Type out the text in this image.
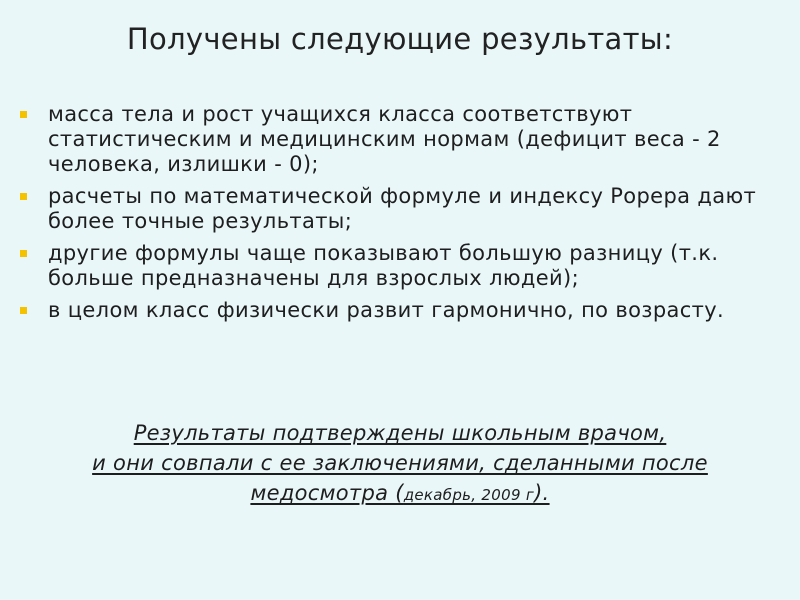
Получены следующие результаты:
масса тела и рост учащихся класса соответствуют статистическим и медицинским нормам (дефицит веса - 2 человека, излишки - 0);
расчеты по математической формуле и индексу Рорера дают более точные результаты;
другие формулы чаще показывают большую разницу (т.к. больше предназначены для взрослых людей);
в целом класс физически развит гармонично, по возрасту.
Результаты подтверждены школьным врачом,
и они совпали с ее заключениями, сделанными после
медосмотра (декабрь, 2009 г).
